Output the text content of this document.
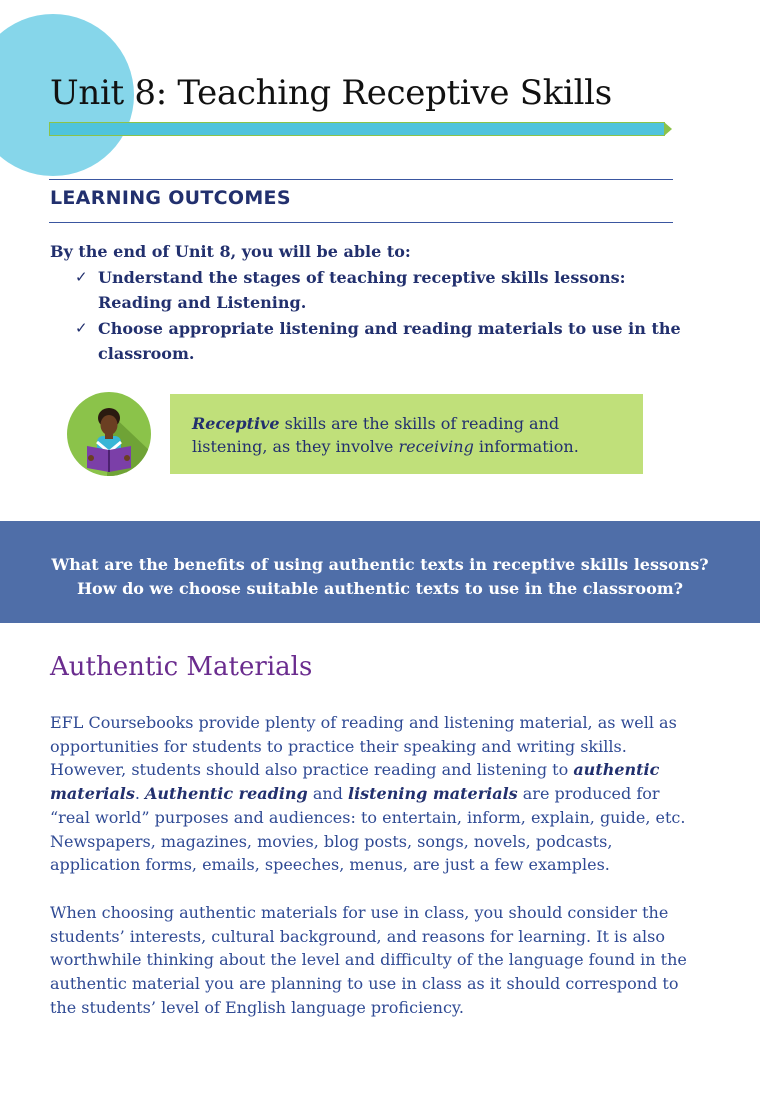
Unit 8: Teaching Receptive Skills
LEARNING OUTCOMES

By the end of Unit 8, you will be able to:

✓ Understand the stages of teaching receptive skills lessons: Reading and Listening.
✓ Choose appropriate listening and reading materials to use in the classroom.
Receptive skills are the skills of reading and listening, as they involve receiving information.
What are the benefits of using authentic texts in receptive skills lessons?
How do we choose suitable authentic texts to use in the classroom?
Authentic Materials

EFL Coursebooks provide plenty of reading and listening material, as well as opportunities for students to practice their speaking and writing skills. However, students should also practice reading and listening to authentic materials. Authentic reading and listening materials are produced for “real world” purposes and audiences: to entertain, inform, explain, guide, etc. Newspapers, magazines, movies, blog posts, songs, novels, podcasts, application forms, emails, speeches, menus, are just a few examples.

When choosing authentic materials for use in class, you should consider the students’ interests, cultural background, and reasons for learning. It is also worthwhile thinking about the level and difficulty of the language found in the authentic material you are planning to use in class as it should correspond to the students’ level of English language proficiency.
